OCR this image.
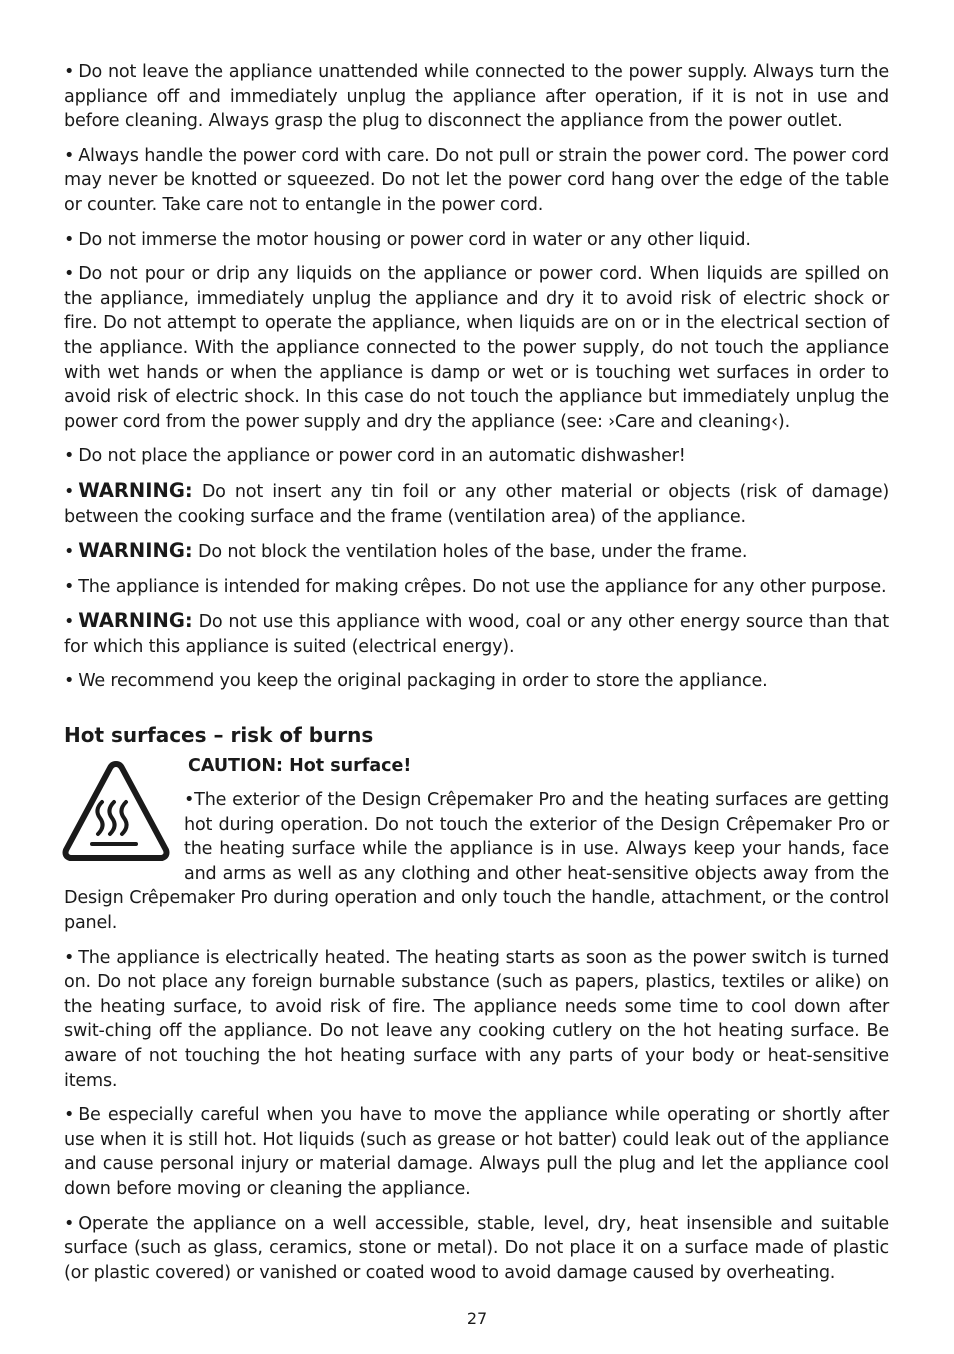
• Do not leave the appliance unattended while connected to the power supply. Always turn the appliance off and immediately unplug the appliance after operation, if it is not in use and before cleaning. Always grasp the plug to disconnect the appliance from the power outlet.

• Always handle the power cord with care. Do not pull or strain the power cord. The power cord may never be knotted or squeezed. Do not let the power cord hang over the edge of the table or counter. Take care not to entangle in the power cord.

• Do not immerse the motor housing or power cord in water or any other liquid.

• Do not pour or drip any liquids on the appliance or power cord. When liquids are spilled on the appliance, immediately unplug the appliance and dry it to avoid risk of electric shock or fire. Do not attempt to operate the appliance, when liquids are on or in the electrical section of the appliance. With the appliance connected to the power supply, do not touch the appliance with wet hands or when the appliance is damp or wet or is touching wet surfaces in order to avoid risk of electric shock. In this case do not touch the appliance but immediately unplug the power cord from the power supply and dry the appliance (see: ›Care and cleaning‹).

• Do not place the appliance or power cord in an automatic dishwasher!

• WARNING: Do not insert any tin foil or any other material or objects (risk of damage) between the cooking surface and the frame (ventilation area) of the appliance.

• WARNING: Do not block the ventilation holes of the base, under the frame.

• The appliance is intended for making crêpes. Do not use the appliance for any other purpose.

• WARNING: Do not use this appliance with wood, coal or any other energy source than that for which this appliance is suited (electrical energy).

• We recommend you keep the original packaging in order to store the appliance.

Hot surfaces – risk of burns
CAUTION: Hot surface!

•The exterior of the Design Crêpemaker Pro and the heating surfaces are getting hot during operation. Do not touch the exterior of the Design Crêpemaker Pro or the heating surface while the appliance is in use. Always keep your hands, face and arms as well as any clothing and other heat-sensitive objects away from the Design Crêpemaker Pro during operation and only touch the handle, attachment, or the control panel.

• The appliance is electrically heated. The heating starts as soon as the power switch is turned on. Do not place any foreign burnable substance (such as papers, plastics, textiles or alike) on the heating surface, to avoid risk of fire. The appliance needs some time to cool down after swit-ching off the appliance. Do not leave any cooking cutlery on the hot heating surface. Be aware of not touching the hot heating surface with any parts of your body or heat-sensitive items.

• Be especially careful when you have to move the appliance while operating or shortly after use when it is still hot. Hot liquids (such as grease or hot batter) could leak out of the appliance and cause personal injury or material damage. Always pull the plug and let the appliance cool down before moving or cleaning the appliance.

• Operate the appliance on a well accessible, stable, level, dry, heat insensible and suitable surface (such as glass, ceramics, stone or metal). Do not place it on a surface made of plastic (or plastic covered) or vanished or coated wood to avoid damage caused by overheating.

27
